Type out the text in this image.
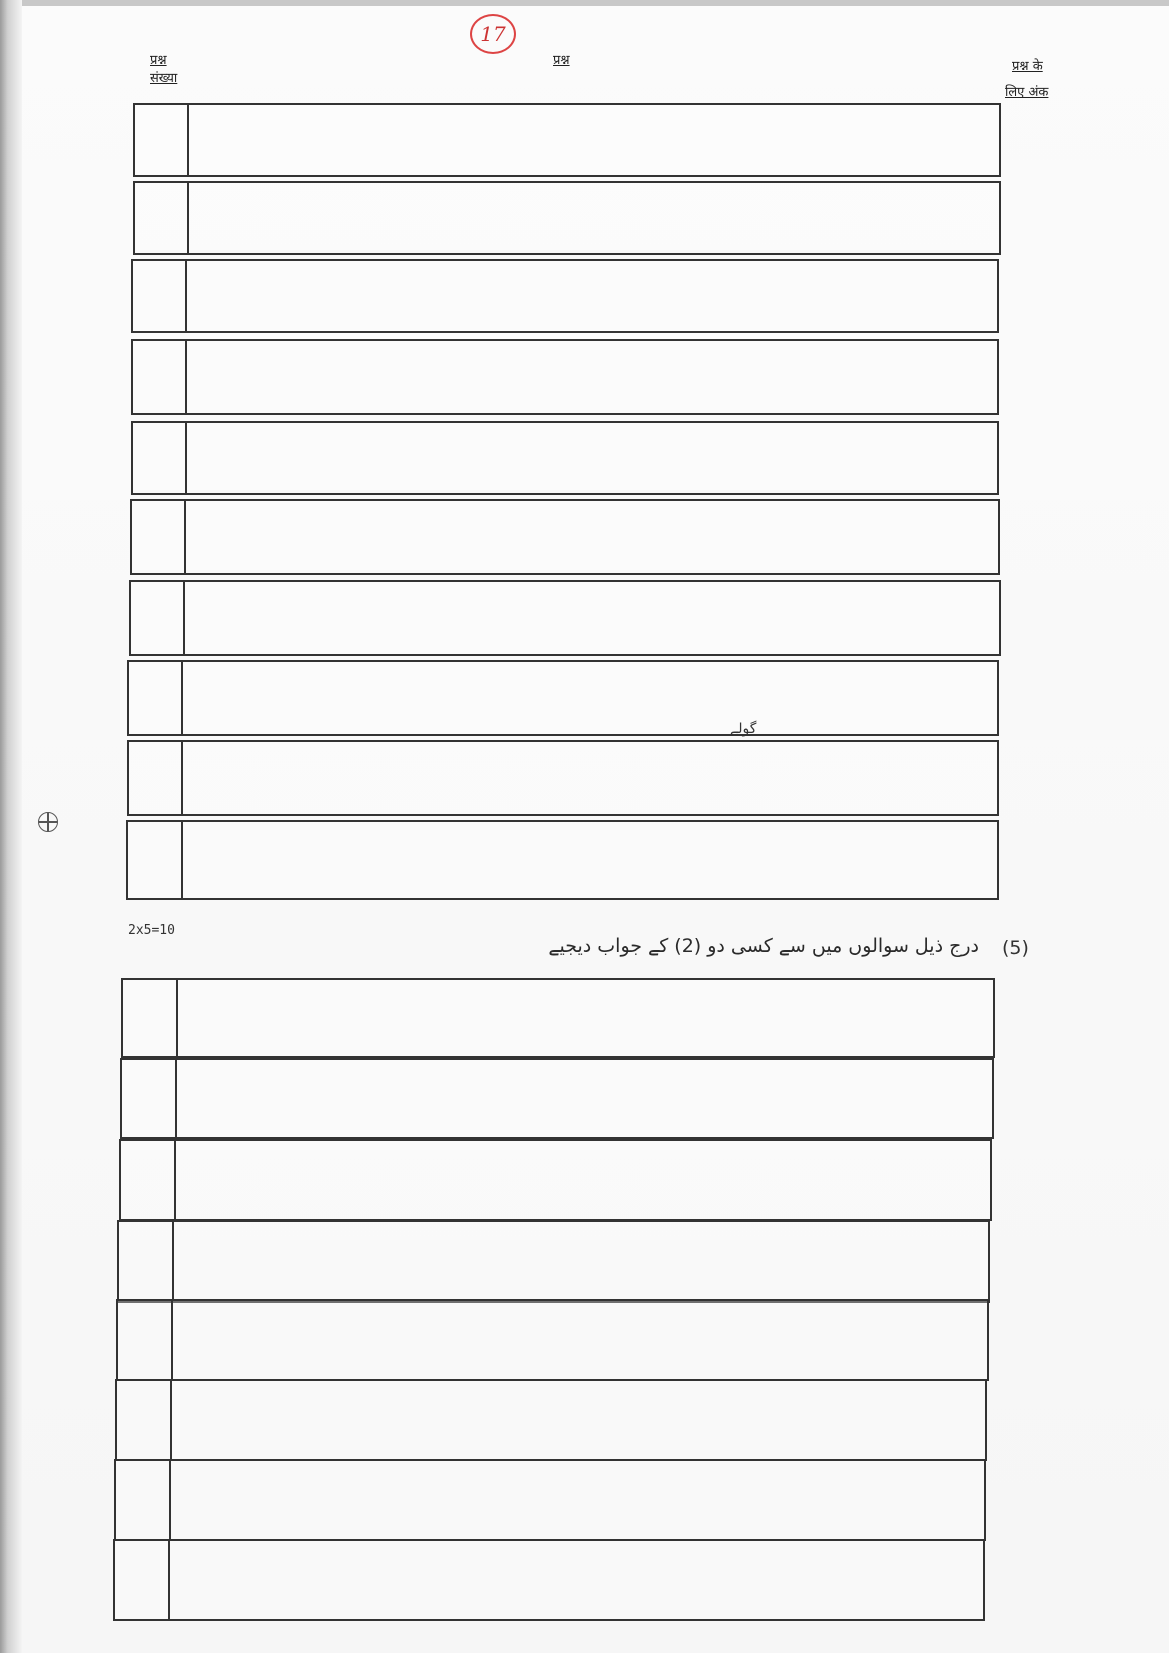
17
प्रश्न
संख्या
प्रश्न	प्रश्न के
लिए अंक
گولے
2x5=10
درج ذیل سوالوں میں سے کسی دو (2) کے جواب دیجیے (5)
